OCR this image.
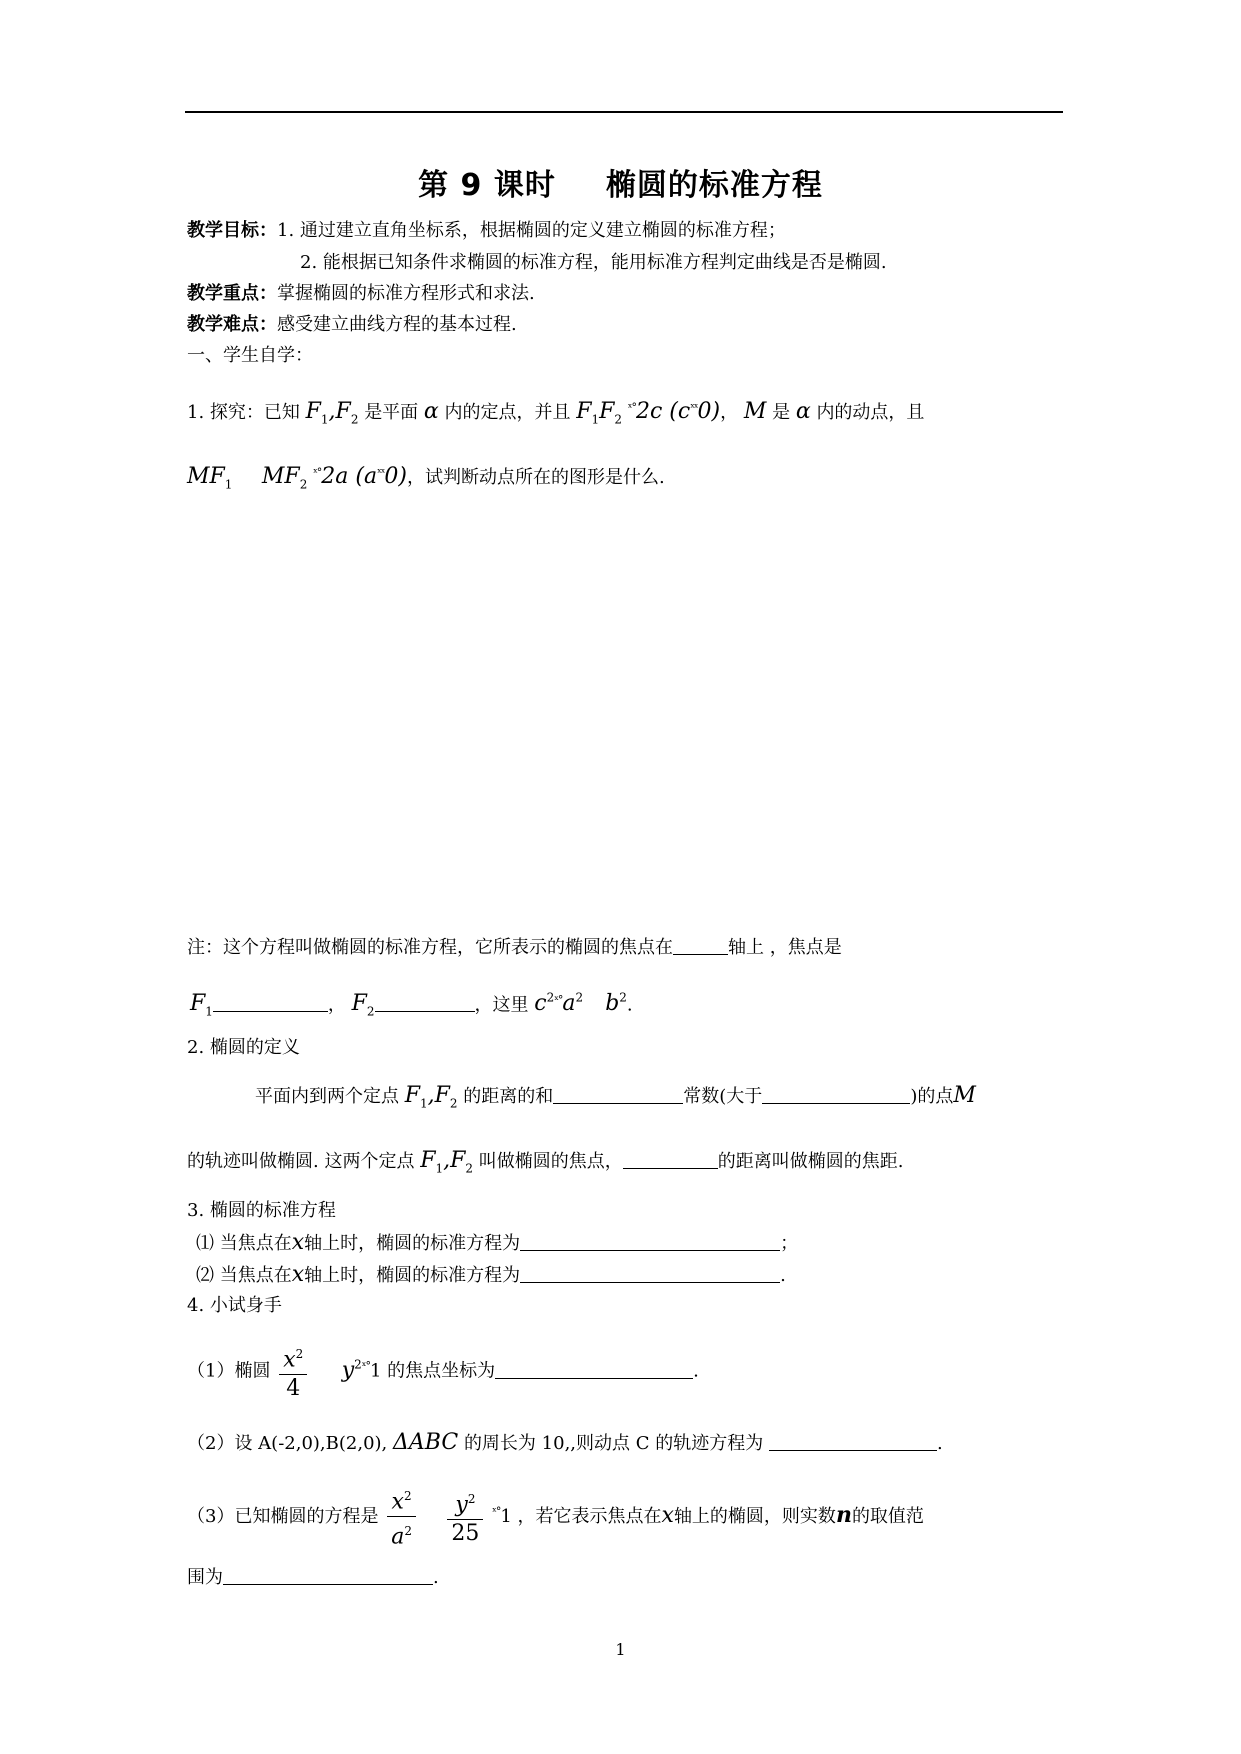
第 9 课时 椭圆的标准方程
教学目标：1. 通过建立直角坐标系，根据椭圆的定义建立椭圆的标准方程；
2. 能根据已知条件求椭圆的标准方程，能用标准方程判定曲线是否是椭圆.
教学重点：掌握椭圆的标准方程形式和求法.
教学难点：感受建立曲线方程的基本过程.
一、学生自学：
1. 探究：已知 $F_1,F_2$ 是平面 α 内的定点，并且 $F_1F_2$ $^{ˣ^\circ}$2c $(c^{ˣˣ}0)$， M 是 α 内的动点，且
$MF_1$ $MF_2$ $^{ˣ^\circ}$2a $(a^{ˣˣ}0)$，试判断动点所在的图形是什么.
注：这个方程叫做椭圆的标准方程，它所表示的椭圆的焦点在	轴上 ，焦点是
$F_1$	， $F_2$	，这里 $c^{2ˣ^\circ}a^2$ $b^2$.
2. 椭圆的定义
平面内到两个定点 $F_1,F_2$ 的距离的和	常数(大于	)的点M
的轨迹叫做椭圆. 这两个定点 $F_1,F_2$ 叫做椭圆的焦点，	的距离叫做椭圆的焦距.
3. 椭圆的标准方程
⑴ 当焦点在x轴上时，椭圆的标准方程为	；
⑵ 当焦点在x轴上时，椭圆的标准方程为	.
4. 小试身手
（1）椭圆 $\frac{x^2}{4} y^{2ˣ^\circ}1$ 的焦点坐标为	.
（2）设 A(-2,0),B(2,0), ΔABC 的周长为 10,,则动点 C 的轨迹方程为	.
（3）已知椭圆的方程是 $\frac{x^2}{a^2}$
$\frac{y^2}{25} ^{ˣ^\circ}1$ ，若它表示焦点在x轴上的椭圆，则实数n的取值范
围为	.
1
